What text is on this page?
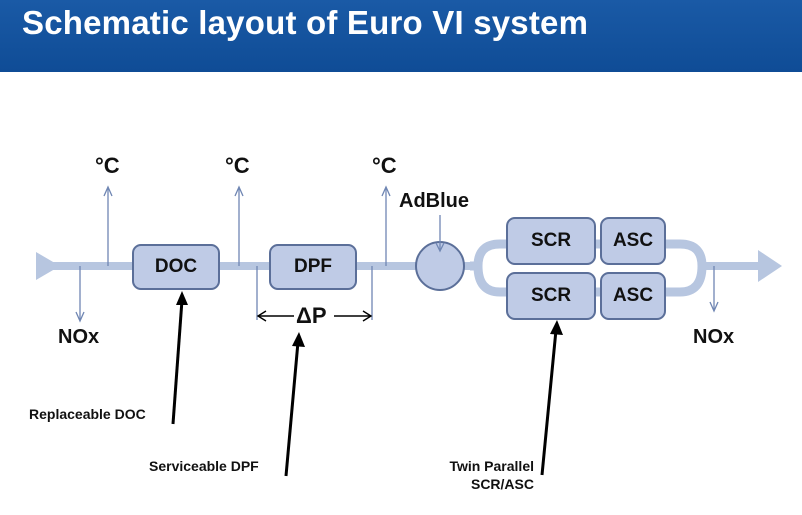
Schematic layout of Euro VI system
DOC	DPF
SCR	ASC
SCR	ASC
°C	°C	°C
AdBlue
NOx	NOx
ΔP
Replaceable DOC
Serviceable DPF	Twin Parallel
SCR/ASC
